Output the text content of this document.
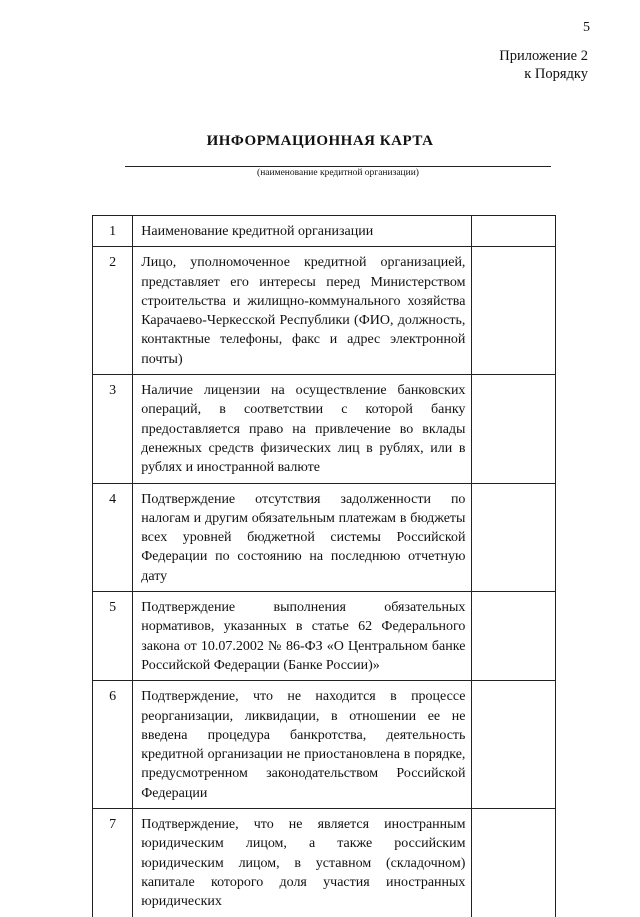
5
Приложение 2
к Порядку
ИНФОРМАЦИОННАЯ КАРТА
(наименование кредитной организации)
1	Наименование кредитной организации	
2	Лицо, уполномоченное кредитной организацией, представляет его интересы перед Министерством строительства и жилищно-коммунального хозяйства Карачаево-Черкесской Республики (ФИО, должность, контактные телефоны, факс и адрес электронной почты)	
3	Наличие лицензии на осуществление банковских операций, в соответствии с которой банку предоставляется право на привлечение во вклады денежных средств физических лиц в рублях, или в рублях и иностранной валюте	
4	Подтверждение отсутствия задолженности по налогам и другим обязательным платежам в бюджеты всех уровней бюджетной системы Российской Федерации по состоянию на последнюю отчетную дату	
5	Подтверждение выполнения обязательных нормативов, указанных в статье 62 Федерального закона от 10.07.2002 № 86-ФЗ «О Центральном банке Российской Федерации (Банке России)»	
6	Подтверждение, что не находится в процессе реорганизации, ликвидации, в отношении ее не введена процедура банкротства, деятельность кредитной организации не приостановлена в порядке, предусмотренном законодательством Российской Федерации	
7	Подтверждение, что не является иностранным юридическим лицом, а также российским юридическим лицом, в уставном (складочном) капитале которого доля участия иностранных юридических	
